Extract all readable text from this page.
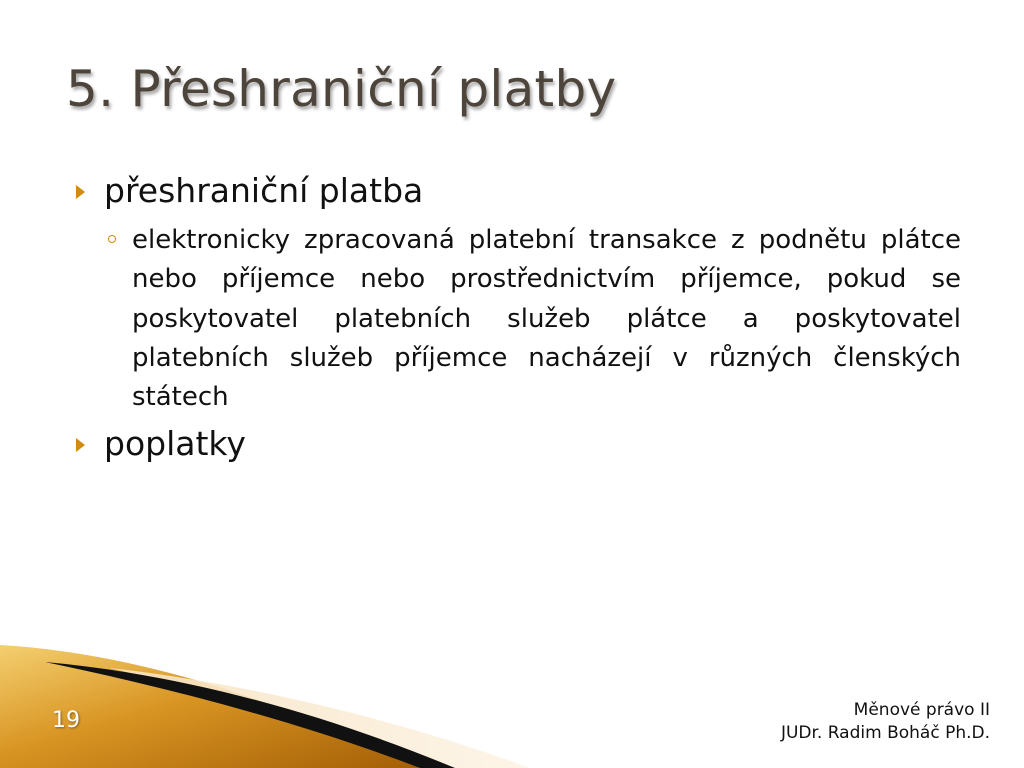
5. Přeshraniční platby

přeshraniční platba

elektronicky zpracovaná platební transakce z podnětu plátce nebo příjemce nebo prostřednictvím příjemce, pokud se poskytovatel platebních služeb plátce a poskytovatel platebních služeb příjemce nacházejí v různých členských státech

poplatky

19	Měnové právo II
JUDr. Radim Boháč Ph.D.
